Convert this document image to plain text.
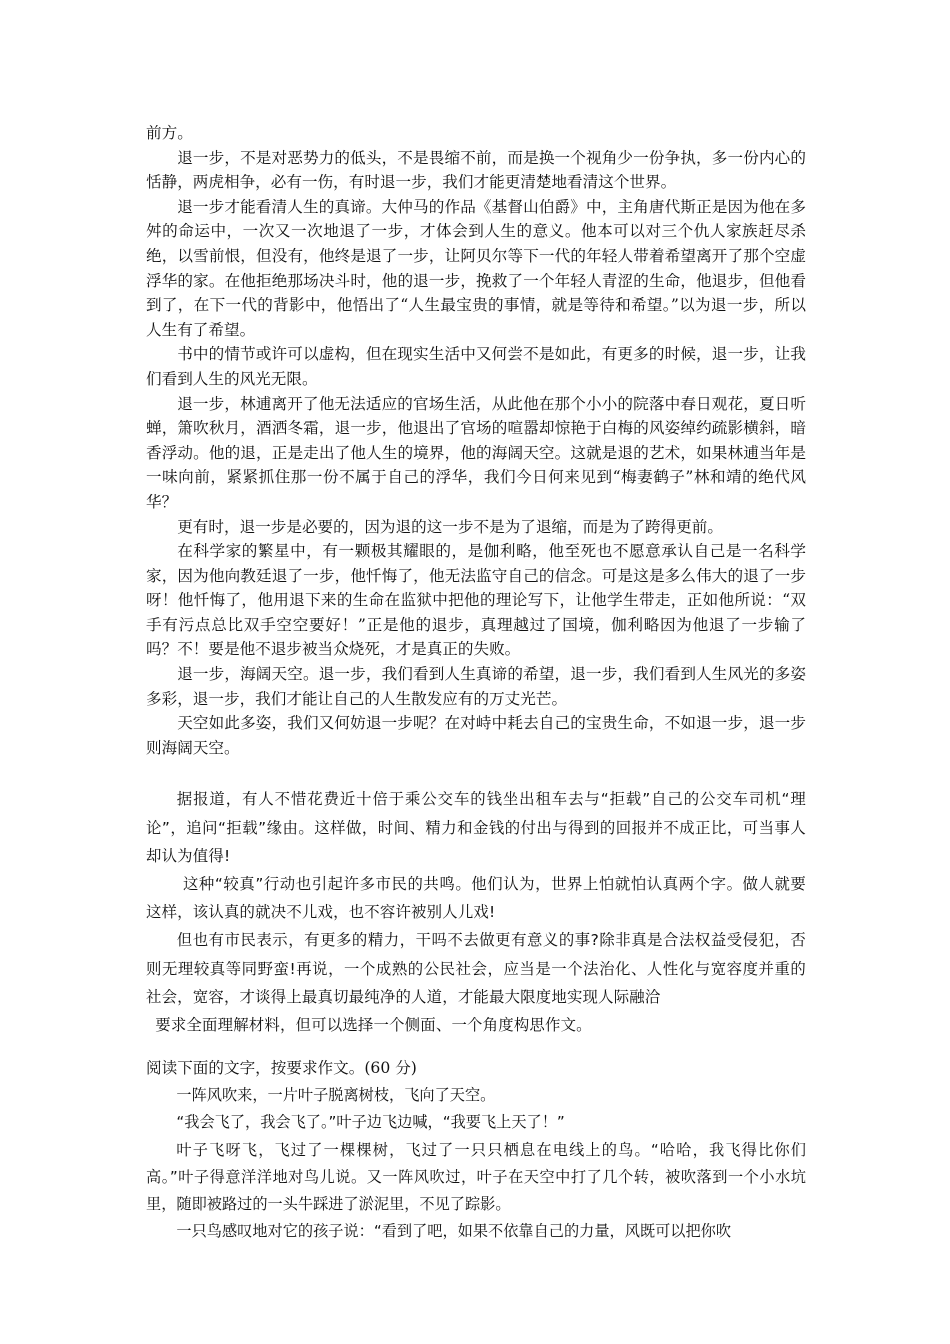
前方。

退一步，不是对恶势力的低头，不是畏缩不前，而是换一个视角少一份争执，多一份内心的恬静，两虎相争，必有一伤，有时退一步，我们才能更清楚地看清这个世界。

退一步才能看清人生的真谛。大仲马的作品《基督山伯爵》中，主角唐代斯正是因为他在多舛的命运中，一次又一次地退了一步，才体会到人生的意义。他本可以对三个仇人家族赶尽杀绝，以雪前恨，但没有，他终是退了一步，让阿贝尔等下一代的年轻人带着希望离开了那个空虚浮华的家。在他拒绝那场决斗时，他的退一步，挽救了一个年轻人青涩的生命，他退步，但他看到了，在下一代的背影中，他悟出了“人生最宝贵的事情，就是等待和希望。”以为退一步，所以人生有了希望。

书中的情节或许可以虚构，但在现实生活中又何尝不是如此，有更多的时候，退一步，让我们看到人生的风光无限。

退一步，林逋离开了他无法适应的官场生活，从此他在那个小小的院落中春日观花，夏日听蝉，箫吹秋月，酒洒冬霜，退一步，他退出了官场的喧嚣却惊艳于白梅的风姿绰约疏影横斜，暗香浮动。他的退，正是走出了他人生的境界，他的海阔天空。这就是退的艺术，如果林逋当年是一味向前，紧紧抓住那一份不属于自己的浮华，我们今日何来见到“梅妻鹤子”林和靖的绝代风华？

更有时，退一步是必要的，因为退的这一步不是为了退缩，而是为了跨得更前。

在科学家的繁星中，有一颗极其耀眼的，是伽利略，他至死也不愿意承认自己是一名科学家，因为他向教廷退了一步，他忏悔了，他无法监守自己的信念。可是这是多么伟大的退了一步呀！他忏悔了，他用退下来的生命在监狱中把他的理论写下，让他学生带走，正如他所说：“双手有污点总比双手空空要好！”正是他的退步，真理越过了国境，伽利略因为他退了一步输了吗？不！要是他不退步被当众烧死，才是真正的失败。

退一步，海阔天空。退一步，我们看到人生真谛的希望，退一步，我们看到人生风光的多姿多彩，退一步，我们才能让自己的人生散发应有的万丈光芒。

天空如此多姿，我们又何妨退一步呢？在对峙中耗去自己的宝贵生命，不如退一步，退一步则海阔天空。

据报道，有人不惜花费近十倍于乘公交车的钱坐出租车去与“拒载”自己的公交车司机“理论”，追问“拒载”缘由。这样做，时间、精力和金钱的付出与得到的回报并不成正比，可当事人却认为值得!

这种“较真”行动也引起许多市民的共鸣。他们认为，世界上怕就怕认真两个字。做人就要这样，该认真的就决不儿戏，也不容许被别人儿戏!

但也有市民表示，有更多的精力，干吗不去做更有意义的事?除非真是合法权益受侵犯，否则无理较真等同野蛮!再说，一个成熟的公民社会，应当是一个法治化、人性化与宽容度并重的社会，宽容，才谈得上最真切最纯净的人道，才能最大限度地实现人际融洽

要求全面理解材料，但可以选择一个侧面、一个角度构思作文。

阅读下面的文字，按要求作文。(60 分)

一阵风吹来，一片叶子脱离树枝，飞向了天空。

“我会飞了，我会飞了。”叶子边飞边喊，“我要飞上天了！”

叶子飞呀飞，飞过了一棵棵树，飞过了一只只栖息在电线上的鸟。“哈哈，我飞得比你们高。”叶子得意洋洋地对鸟儿说。又一阵风吹过，叶子在天空中打了几个转，被吹落到一个小水坑里，随即被路过的一头牛踩进了淤泥里，不见了踪影。

一只鸟感叹地对它的孩子说：“看到了吧，如果不依靠自己的力量，风既可以把你吹
